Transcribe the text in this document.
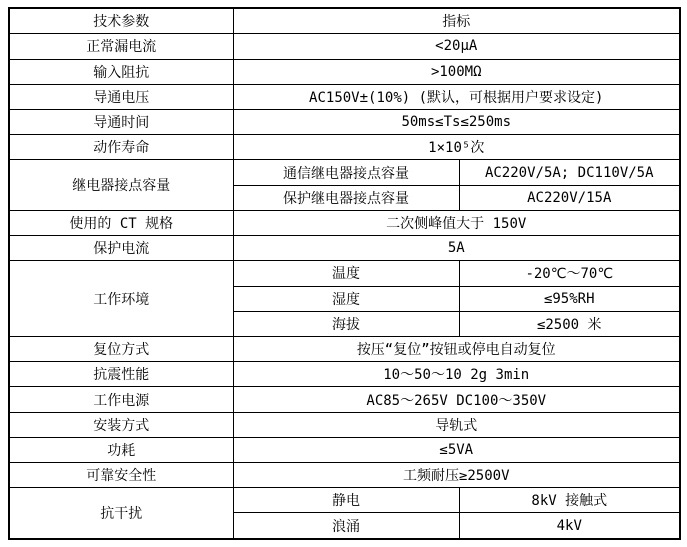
技术参数	指标	
正常漏电流	<20μA	
输入阻抗	>100MΩ	
导通电压	AC150V±(10%) (默认，可根据用户要求设定)	
导通时间	50ms≤Ts≤250ms	
动作寿命	1×10⁵次	
继电器接点容量	通信继电器接点容量	AC220V/5A; DC110V/5A
	保护继电器接点容量	AC220V/15A
使用的 CT 规格	二次侧峰值大于 150V	
保护电流	5A	
工作环境	温度	-20℃～70℃
	湿度	≤95%RH
	海拔	≤2500 米
复位方式	按压“复位”按钮或停电自动复位	
抗震性能	10～50～10 2g 3min	
工作电源	AC85～265V DC100～350V	
安装方式	导轨式	
功耗	≤5VA	
可靠安全性	工频耐压≥2500V	
抗干扰	静电	8kV 接触式
	浪涌	4kV
